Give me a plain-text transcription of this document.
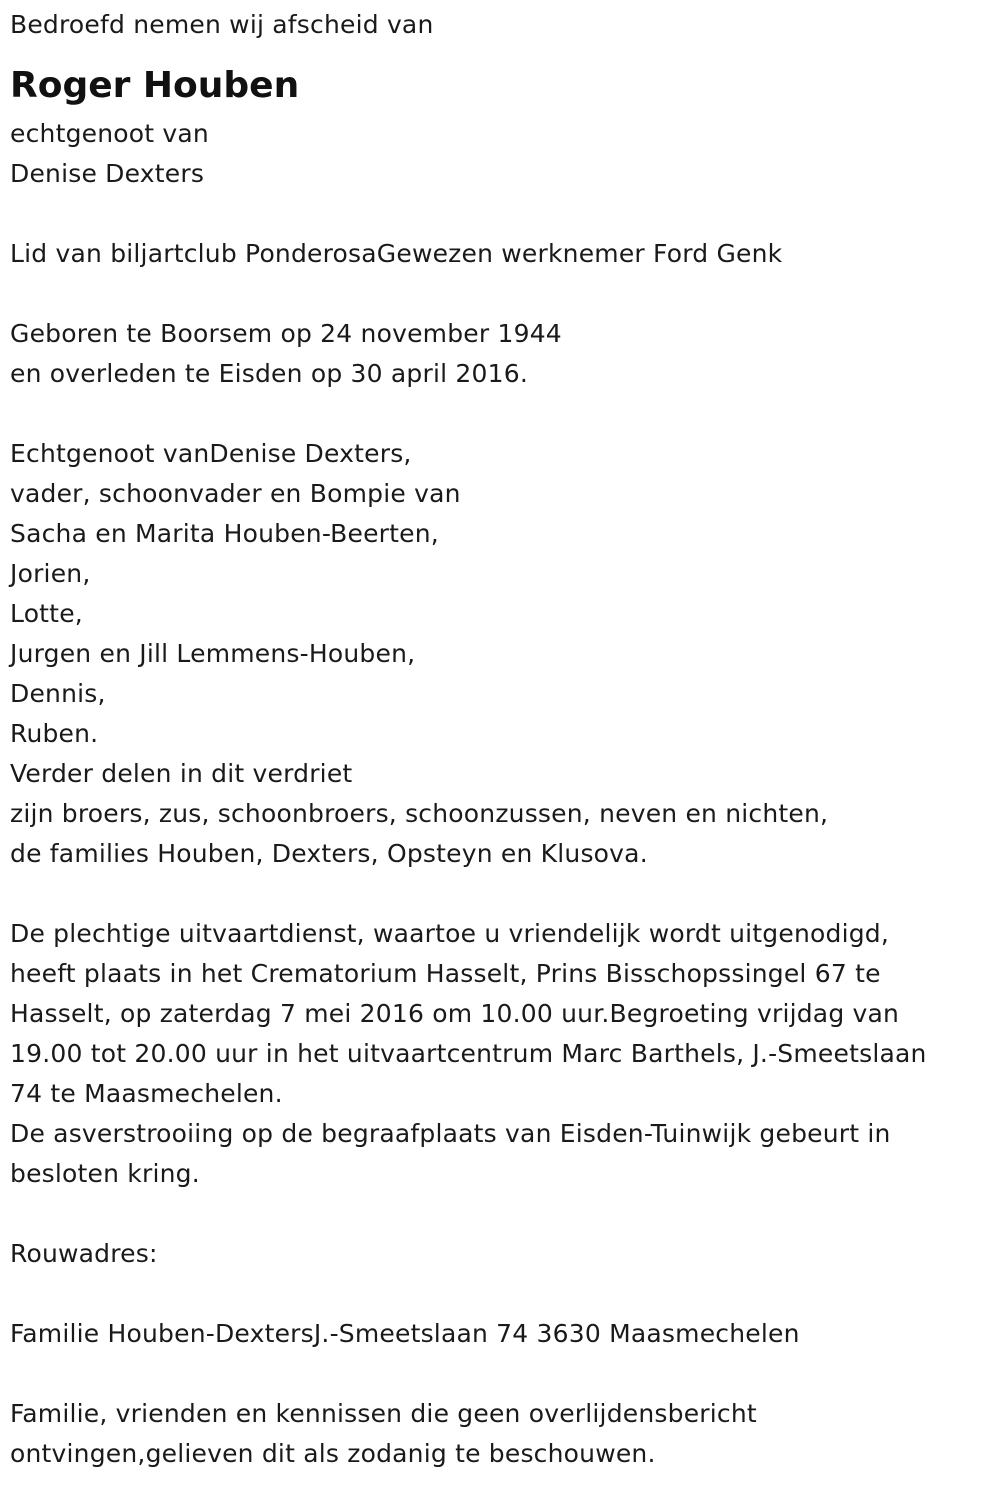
Bedroefd nemen wij afscheid van
Roger Houben
echtgenoot van
Denise Dexters
Lid van biljartclub PonderosaGewezen werknemer Ford Genk
Geboren te Boorsem op 24 november 1944
en overleden te Eisden op 30 april 2016.
Echtgenoot vanDenise Dexters,
vader, schoonvader en Bompie van
Sacha en Marita Houben-Beerten,
Jorien,
Lotte,
Jurgen en Jill Lemmens-Houben,
Dennis,
Ruben.
Verder delen in dit verdriet
zijn broers, zus, schoonbroers, schoonzussen, neven en nichten,
de families Houben, Dexters, Opsteyn en Klusova.
De plechtige uitvaartdienst, waartoe u vriendelijk wordt uitgenodigd,
heeft plaats in het Crematorium Hasselt, Prins Bisschopssingel 67 te
Hasselt, op zaterdag 7 mei 2016 om 10.00 uur.Begroeting vrijdag van
19.00 tot 20.00 uur in het uitvaartcentrum Marc Barthels, J.-Smeetslaan
74 te Maasmechelen.
De asverstrooiing op de begraafplaats van Eisden-Tuinwijk gebeurt in
besloten kring.
Rouwadres:
Familie Houben-DextersJ.-Smeetslaan 74 3630 Maasmechelen
Familie, vrienden en kennissen die geen overlijdensbericht
ontvingen,gelieven dit als zodanig te beschouwen.
